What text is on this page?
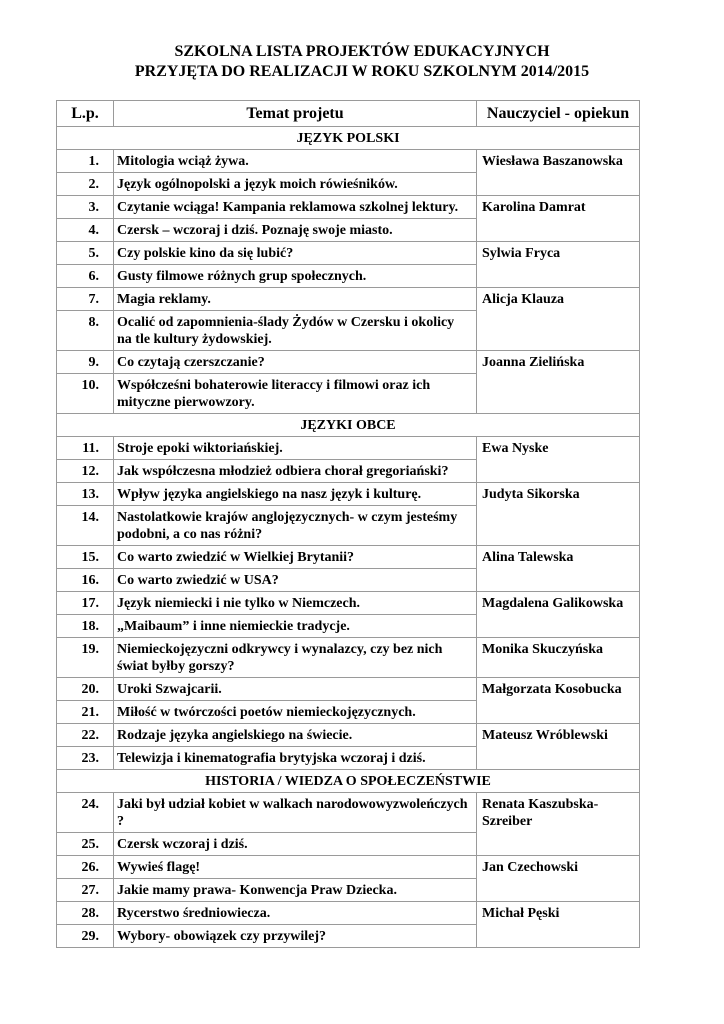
SZKOLNA LISTA PROJEKTÓW EDUKACYJNYCH
PRZYJĘTA DO REALIZACJI W ROKU SZKOLNYM 2014/2015
L.p.	Temat projetu	Nauczyciel - opiekun
JĘZYK POLSKI		
1.	Mitologia wciąż żywa.	Wiesława Baszanowska
2.	Język ogólnopolski a język moich rówieśników.	
3.	Czytanie wciąga! Kampania reklamowa szkolnej lektury.	Karolina Damrat
4.	Czersk – wczoraj i dziś. Poznaję swoje miasto.	
5.	Czy polskie kino da się lubić?	Sylwia Fryca
6.	Gusty filmowe różnych grup społecznych.	
7.	Magia reklamy.	Alicja Klauza
8.	Ocalić od zapomnienia-ślady Żydów w Czersku i okolicy na tle kultury żydowskiej.	
9.	Co czytają czerszczanie?	Joanna Zielińska
10.	Współcześni bohaterowie literaccy i filmowi oraz ich mityczne pierwowzory.	
JĘZYKI OBCE		
11.	Stroje epoki wiktoriańskiej.	Ewa Nyske
12.	Jak współczesna młodzież odbiera chorał gregoriański?	
13.	Wpływ języka angielskiego na nasz język i kulturę.	Judyta Sikorska
14.	Nastolatkowie krajów anglojęzycznych- w czym jesteśmy podobni, a co nas różni?	
15.	Co warto zwiedzić w Wielkiej Brytanii?	Alina Talewska
16.	Co warto zwiedzić w USA?	
17.	Język niemiecki i nie tylko w Niemczech.	Magdalena Galikowska
18.	„Maibaum” i inne niemieckie tradycje.	
19.	Niemieckojęzyczni odkrywcy i wynalazcy, czy bez nich świat byłby gorszy?	Monika Skuczyńska
20.	Uroki Szwajcarii.	Małgorzata Kosobucka
21.	Miłość w twórczości poetów niemieckojęzycznych.	
22.	Rodzaje języka angielskiego na świecie.	Mateusz Wróblewski
23.	Telewizja i kinematografia brytyjska wczoraj i dziś.	
HISTORIA / WIEDZA O SPOŁECZEŃSTWIE		
24.	Jaki był udział kobiet w walkach narodowowyzwoleńczych ?	Renata Kaszubska-Szreiber
25.	Czersk wczoraj i dziś.	
26.	Wywieś flagę!	Jan Czechowski
27.	Jakie mamy prawa- Konwencja Praw Dziecka.	
28.	Rycerstwo średniowiecza.	Michał Pęski
29.	Wybory- obowiązek czy przywilej?	
